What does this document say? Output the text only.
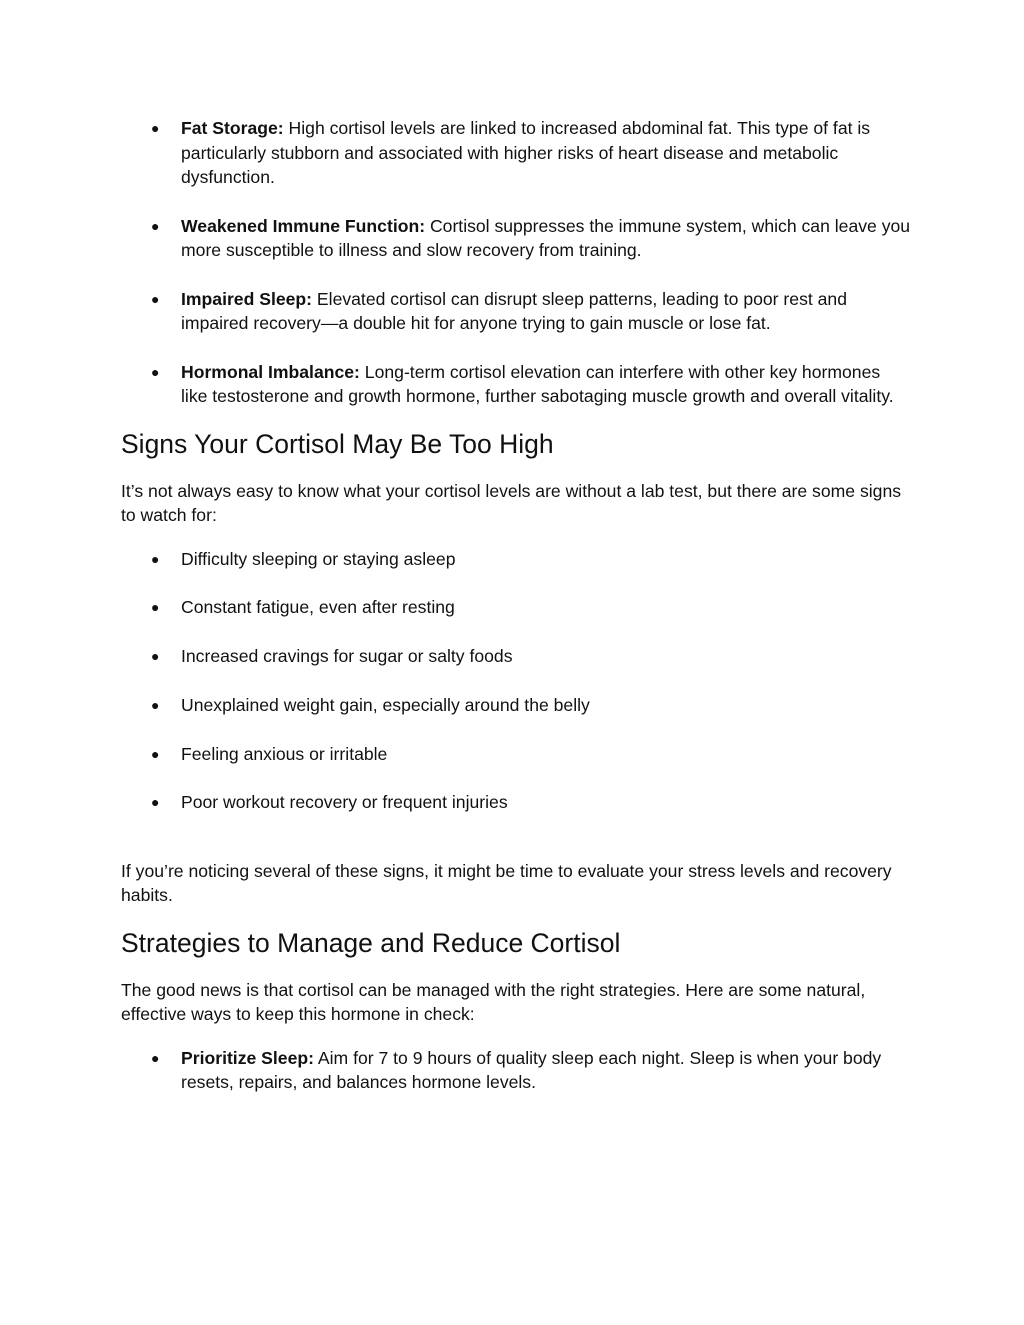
● Fat Storage: High cortisol levels are linked to increased abdominal fat. This type of fat is particularly stubborn and associated with higher risks of heart disease and metabolic dysfunction.
● Weakened Immune Function: Cortisol suppresses the immune system, which can leave you more susceptible to illness and slow recovery from training.
● Impaired Sleep: Elevated cortisol can disrupt sleep patterns, leading to poor rest and impaired recovery—a double hit for anyone trying to gain muscle or lose fat.
● Hormonal Imbalance: Long-term cortisol elevation can interfere with other key hormones like testosterone and growth hormone, further sabotaging muscle growth and overall vitality.
Signs Your Cortisol May Be Too High

It’s not always easy to know what your cortisol levels are without a lab test, but there are some signs to watch for:

● Difficulty sleeping or staying asleep
● Constant fatigue, even after resting
● Increased cravings for sugar or salty foods
● Unexplained weight gain, especially around the belly
● Feeling anxious or irritable
● Poor workout recovery or frequent injuries

If you’re noticing several of these signs, it might be time to evaluate your stress levels and recovery habits.

Strategies to Manage and Reduce Cortisol

The good news is that cortisol can be managed with the right strategies. Here are some natural, effective ways to keep this hormone in check:

● Prioritize Sleep: Aim for 7 to 9 hours of quality sleep each night. Sleep is when your body resets, repairs, and balances hormone levels.
